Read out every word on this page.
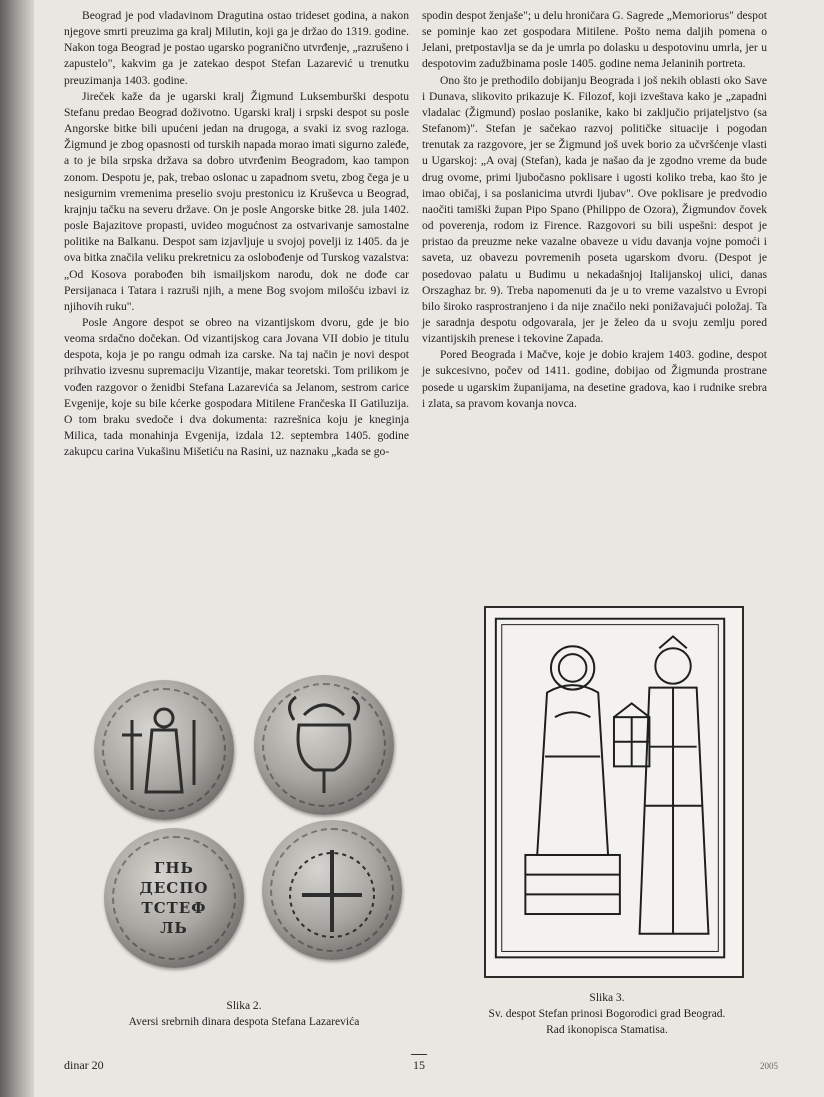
Beograd je pod vladavinom Dragutina ostao trideset godina, a nakon njegove smrti preuzima ga kralj Milutin, koji ga je držao do 1319. godine. Nakon toga Beograd je postao ugarsko pogranično utvrđenje, „razrušeno i zapustelo", kakvim ga je zatekao despot Stefan Lazarević u trenutku preuzimanja 1403. godine.

Jireček kaže da je ugarski kralj Žigmund Luksemburški despotu Stefanu predao Beograd doživotno. Ugarski kralj i srpski despot su posle Angorske bitke bili upućeni jedan na drugoga, a svaki iz svog razloga. Žigmund je zbog opasnosti od turskih napada morao imati sigurno zaleđe, a to je bila srpska država sa dobro utvrđenim Beogradom, kao tampon zonom. Despotu je, pak, trebao oslonac u zapadnom svetu, zbog čega je u nesigurnim vremenima preselio svoju prestonicu iz Kruševca u Beograd, krajnju tačku na severu države. On je posle Angorske bitke 28. jula 1402. posle Bajazitove propasti, uvideo mogućnost za ostvarivanje samostalne politike na Balkanu. Despot sam izjavljuje u svojoj povelji iz 1405. da je ova bitka značila veliku prekretnicu za oslobođenje od Turskog vazalstva: „Od Kosova porabođen bih ismailjskom narodu, dok ne dođe car Persijanaca i Tatara i razruši njih, a mene Bog svojom milošću izbavi iz njihovih ruku".

Posle Angore despot se obreo na vizantijskom dvoru, gde je bio veoma srdačno dočekan. Od vizantijskog cara Jovana VII dobio je titulu despota, koja je po rangu odmah iza carske. Na taj način je novi despot prihvatio izvesnu supremaciju Vizantije, makar teoretski. Tom prilikom je vođen razgovor o ženidbi Stefana Lazarevića sa Jelanom, sestrom carice Evgenije, koje su bile kćerke gospodara Mitilene Frančeska II Gatiluzija. O tom braku svedoče i dva dokumenta: razrešnica koju je kneginja Milica, tada monahinja Evgenija, izdala 12. septembra 1405. godine zakupcu carina Vukašinu Mišetiću na Rasini, uz naznaku „kada se go-

spodin despot ženjaše"; u delu hroničara G. Sagrede „Memoriorus" despot se pominje kao zet gospodara Mitilene. Pošto nema daljih pomena o Jelani, pretpostavlja se da je umrla po dolasku u despotovinu umrla, jer u despotovim zadužbinama posle 1405. godine nema Jelaninih portreta.

Ono što je prethodilo dobijanju Beograda i još nekih oblasti oko Save i Dunava, slikovito prikazuje K. Filozof, koji izveštava kako je „zapadni vladalac (Žigmund) poslao poslanike, kako bi zaključio prijateljstvo (sa Stefanom)". Stefan je sačekao razvoj političke situacije i pogodan trenutak za razgovore, jer se Žigmund još uvek borio za učvršćenje vlasti u Ugarskoj: „A ovaj (Stefan), kada je našao da je zgodno vreme da bude drug ovome, primi ljubočasno poklisare i ugosti koliko treba, kao što je imao običaj, i sa poslanicima utvrdi ljubav". Ove poklisare je predvodio naočiti tamiški župan Pipo Spano (Philippo de Ozora), Žigmundov čovek od poverenja, rodom iz Firence. Razgovori su bili uspešni: despot je pristao da preuzme neke vazalne obaveze u vidu davanja vojne pomoći i saveta, uz obavezu povremenih poseta ugarskom dvoru. (Despot je posedovao palatu u Budimu u nekadašnjoj Italijanskoj ulici, danas Orszaghaz br. 9). Treba napomenuti da je u to vreme vazalstvo u Evropi bilo široko rasprostranjeno i da nije značilo neki ponižavajući položaj. Ta je saradnja despotu odgovarala, jer je želeo da u svoju zemlju pored vizantijskih prenese i tekovine Zapada.

Pored Beograda i Mačve, koje je dobio krajem 1403. godine, despot je sukcesivno, počev od 1411. godine, dobijao od Žigmunda prostrane posede u ugarskim županijama, na desetine gradova, kao i rudnike srebra i zlata, sa pravom kovanja novca.

ГНЬ
ДЕСПО
ТСТЕФ
ЛЬ
Slika 2.
Aversi srebrnih dinara despota Stefana Lazarevića
Slika 3.
Sv. despot Stefan prinosi Bogorodici grad Beograd.
Rad ikonopisca Stamatisa.
dinar 20	15	2005
